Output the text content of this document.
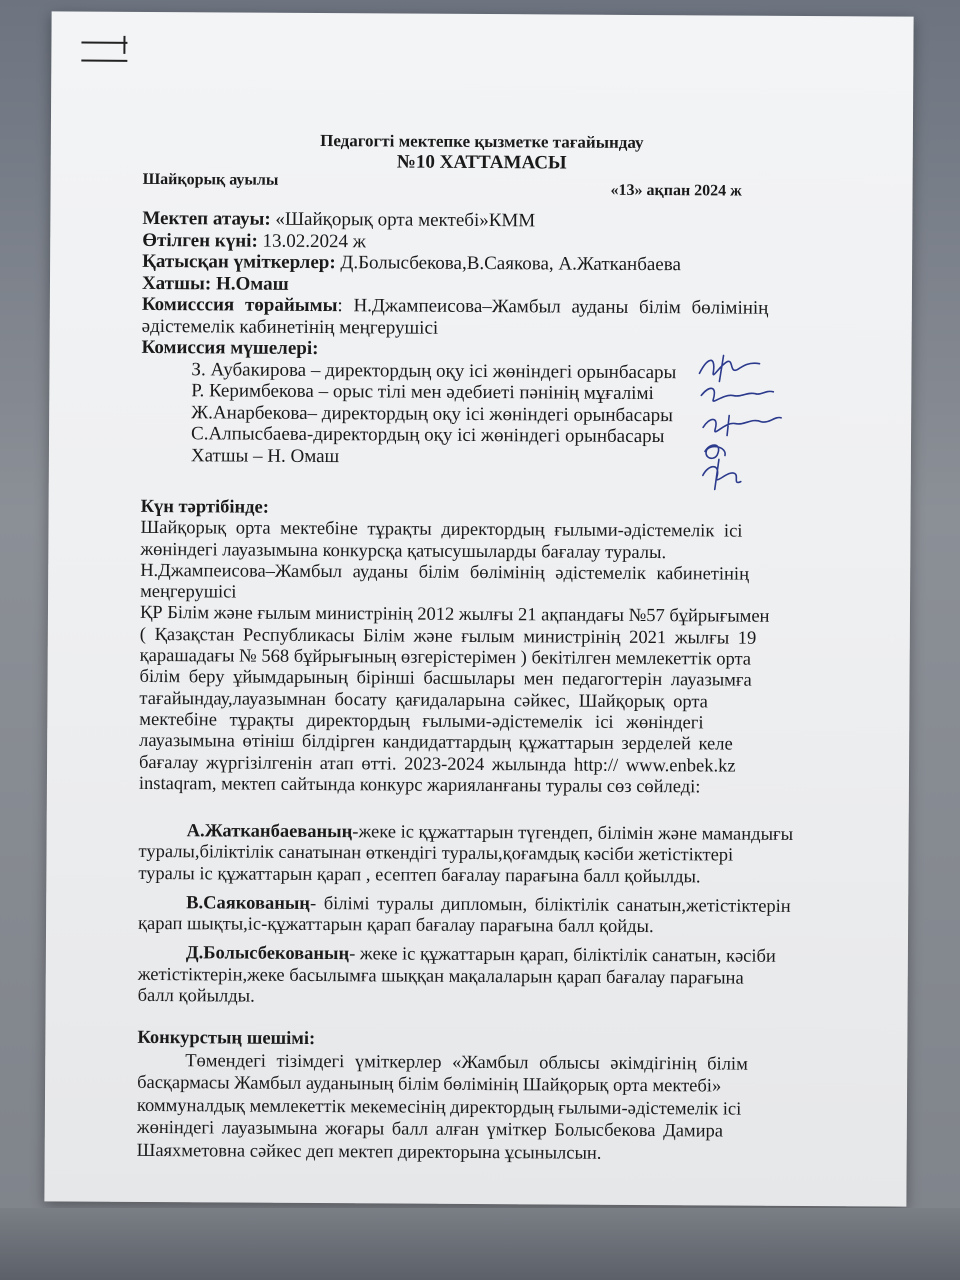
Педагогті мектепке қызметке тағайындау
№10 ХАТТАМАСЫ
Шайқорық ауылы
«13» ақпан 2024 ж
Мектеп атауы: «Шайқорық орта мектебі»КММ
Өтілген күні: 13.02.2024 ж
Қатысқан үміткерлер: Д.Болысбекова,В.Саякова, А.Жатканбаева
Хатшы: Н.Омаш
Комисссия төрайымы: Н.Джампеисова–Жамбыл ауданы білім бөлімінің
әдістемелік кабинетінің меңгерушісі
Комиссия мүшелері:
З. Аубакирова – директордың оқу ісі жөніндегі орынбасары
Р. Керимбекова – орыс тілі мен әдебиеті пәнінің мұғалімі
Ж.Анарбекова– директордың оқу ісі жөніндегі орынбасары
С.Алпысбаева-директордың оқу ісі жөніндегі орынбасары
Хатшы – Н. Омаш
Күн тәртібінде:
Шайқорық орта мектебіне тұрақты директордың ғылыми-әдістемелік ісі
жөніндегі лауазымына конкурсқа қатысушыларды бағалау туралы.
Н.Джампеисова–Жамбыл ауданы білім бөлімінің әдістемелік кабинетінің
меңгерушісі
ҚР Білім және ғылым министрінің 2012 жылғы 21 ақпандағы №57 бұйрығымен
( Қазақстан Республикасы Білім және ғылым министрінің 2021 жылғы 19
қарашадағы № 568 бұйрығының өзгерістерімен ) бекітілген мемлекеттік орта
білім беру ұйымдарының бірінші басшылары мен педагогтерін лауазымға
тағайындау,лауазымнан босату қағидаларына сәйкес, Шайқорық орта
мектебіне тұрақты директордың ғылыми-әдістемелік ісі жөніндегі
лауазымына өтініш білдірген кандидаттардың құжаттарын зерделей келе
бағалау жүргізілгенін атап өтті. 2023-2024 жылында http:// www.enbek.kz
instaqram, мектеп сайтында конкурс жарияланғаны туралы сөз сөйледі:
А.Жатканбаеваның-жеке іс құжаттарын түгендеп, білімін және мамандығы
туралы,біліктілік санатынан өткендігі туралы,қоғамдық кәсіби жетістіктері
туралы іс құжаттарын қарап , есептеп бағалау парағына балл қойылды.
В.Саякованың- білімі туралы дипломын, біліктілік санатын,жетістіктерін
қарап шықты,іс-құжаттарын қарап бағалау парағына балл қойды.
Д.Болысбекованың- жеке іс құжаттарын қарап, біліктілік санатын, кәсіби
жетістіктерін,жеке басылымға шыққан мақалаларын қарап бағалау парағына
балл қойылды.
Конкурстың шешімі:
Төмендегі тізімдегі үміткерлер «Жамбыл облысы әкімдігінің білім
басқармасы Жамбыл ауданының білім бөлімінің Шайқорық орта мектебі»
коммуналдық мемлекеттік мекемесінің директордың ғылыми-әдістемелік ісі
жөніндегі лауазымына жоғары балл алған үміткер Болысбекова Дамира
Шаяхметовна сәйкес деп мектеп директорына ұсынылсын.
